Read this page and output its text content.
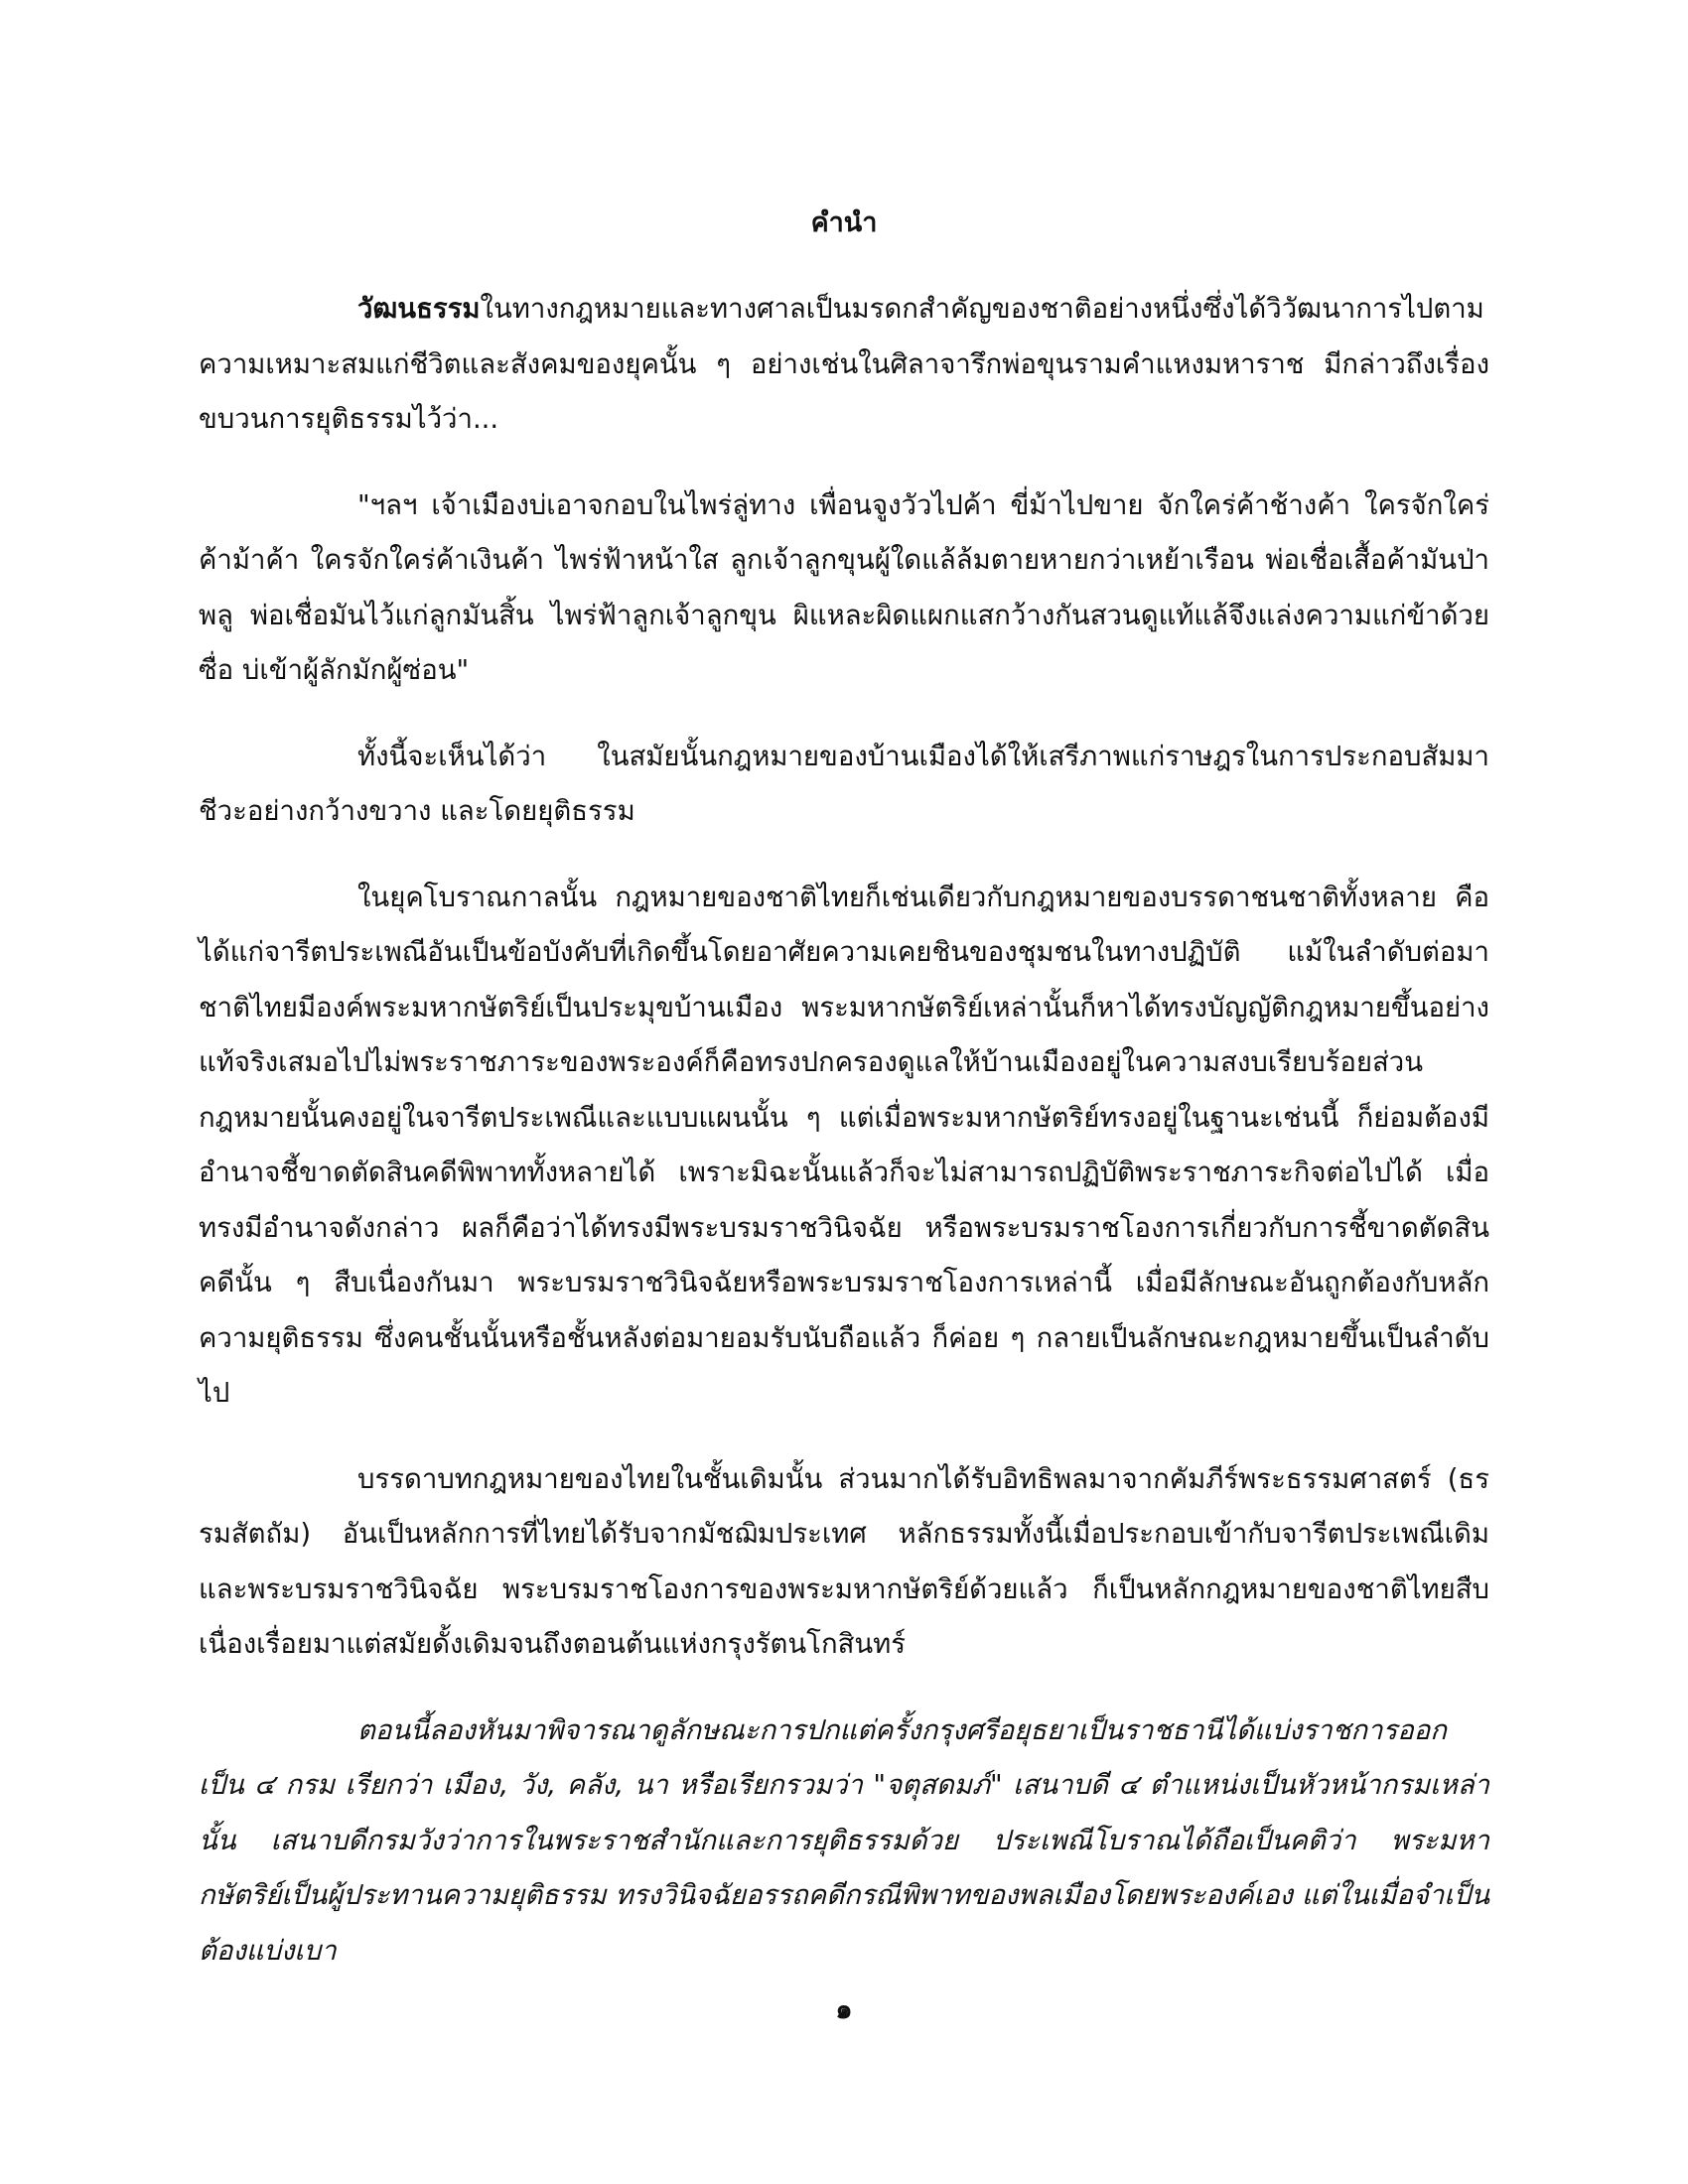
คำนำ

วัฒนธรรมในทางกฎหมายและทางศาลเป็นมรดกสำคัญของชาติอย่างหนึ่งซึ่งได้วิวัฒนาการไปตามความเหมาะสมแก่ชีวิตและสังคมของยุคนั้น ๆ อย่างเช่นในศิลาจารึกพ่อขุนรามคำแหงมหาราช มีกล่าวถึงเรื่องขบวนการยุติธรรมไว้ว่า...

"ฯลฯ เจ้าเมืองบ่เอาจกอบในไพร่ลู่ทาง เพื่อนจูงวัวไปค้า ขี่ม้าไปขาย จักใคร่ค้าช้างค้า ใครจักใคร่ค้าม้าค้า ใครจักใคร่ค้าเงินค้า ไพร่ฟ้าหน้าใส ลูกเจ้าลูกขุนผู้ใดแล้ล้มตายหายกว่าเหย้าเรือน พ่อเชื่อเสื้อค้ามันป่าพลู พ่อเชื่อมันไว้แก่ลูกมันสิ้น ไพร่ฟ้าลูกเจ้าลูกขุน ผิแหละผิดแผกแสกว้างกันสวนดูแท้แล้จึงแล่งความแก่ข้าด้วยซื่อ บ่เข้าผู้ลักมักผู้ซ่อน"

ทั้งนี้จะเห็นได้ว่า ในสมัยนั้นกฎหมายของบ้านเมืองได้ให้เสรีภาพแก่ราษฎรในการประกอบสัมมาชีวะอย่างกว้างขวาง และโดยยุติธรรม

ในยุคโบราณกาลนั้น กฎหมายของชาติไทยก็เช่นเดียวกับกฎหมายของบรรดาชนชาติทั้งหลาย คือได้แก่จารีตประเพณีอันเป็นข้อบังคับที่เกิดขึ้นโดยอาศัยความเคยชินของชุมชนในทางปฏิบัติ แม้ในลำดับต่อมาชาติไทยมีองค์พระมหากษัตริย์เป็นประมุขบ้านเมือง พระมหากษัตริย์เหล่านั้นก็หาได้ทรงบัญญัติกฎหมายขึ้นอย่างแท้จริงเสมอไปไม่พระราชภาระของพระองค์ก็คือทรงปกครองดูแลให้บ้านเมืองอยู่ในความสงบเรียบร้อยส่วนกฎหมายนั้นคงอยู่ในจารีตประเพณีและแบบแผนนั้น ๆ แต่เมื่อพระมหากษัตริย์ทรงอยู่ในฐานะเช่นนี้ ก็ย่อมต้องมีอำนาจชี้ขาดตัดสินคดีพิพาททั้งหลายได้ เพราะมิฉะนั้นแล้วก็จะไม่สามารถปฏิบัติพระราชภาระกิจต่อไปได้ เมื่อทรงมีอำนาจดังกล่าว ผลก็คือว่าได้ทรงมีพระบรมราชวินิจฉัย หรือพระบรมราชโองการเกี่ยวกับการชี้ขาดตัดสินคดีนั้น ๆ สืบเนื่องกันมา พระบรมราชวินิจฉัยหรือพระบรมราชโองการเหล่านี้ เมื่อมีลักษณะอันถูกต้องกับหลักความยุติธรรม ซึ่งคนชั้นนั้นหรือชั้นหลังต่อมายอมรับนับถือแล้ว ก็ค่อย ๆ กลายเป็นลักษณะกฎหมายขึ้นเป็นลำดับไป

บรรดาบทกฎหมายของไทยในชั้นเดิมนั้น ส่วนมากได้รับอิทธิพลมาจากคัมภีร์พระธรรมศาสตร์ (ธรรมสัตถัม) อันเป็นหลักการที่ไทยได้รับจากมัชฌิมประเทศ หลักธรรมทั้งนี้เมื่อประกอบเข้ากับจารีตประเพณีเดิมและพระบรมราชวินิจฉัย พระบรมราชโองการของพระมหากษัตริย์ด้วยแล้ว ก็เป็นหลักกฎหมายของชาติไทยสืบเนื่องเรื่อยมาแต่สมัยดั้งเดิมจนถึงตอนต้นแห่งกรุงรัตนโกสินทร์

ตอนนี้ลองหันมาพิจารณาดูลักษณะการปกแต่ครั้งกรุงศรีอยุธยาเป็นราชธานีได้แบ่งราชการออกเป็น ๔ กรม เรียกว่า เมือง, วัง, คลัง, นา หรือเรียกรวมว่า "จตุสดมภ์" เสนาบดี ๔ ตำแหน่งเป็นหัวหน้ากรมเหล่านั้น เสนาบดีกรมวังว่าการในพระราชสำนักและการยุติธรรมด้วย ประเพณีโบราณได้ถือเป็นคติว่า พระมหากษัตริย์เป็นผู้ประทานความยุติธรรม ทรงวินิจฉัยอรรถคดีกรณีพิพาทของพลเมืองโดยพระองค์เอง แต่ในเมื่อจำเป็นต้องแบ่งเบา

๑
